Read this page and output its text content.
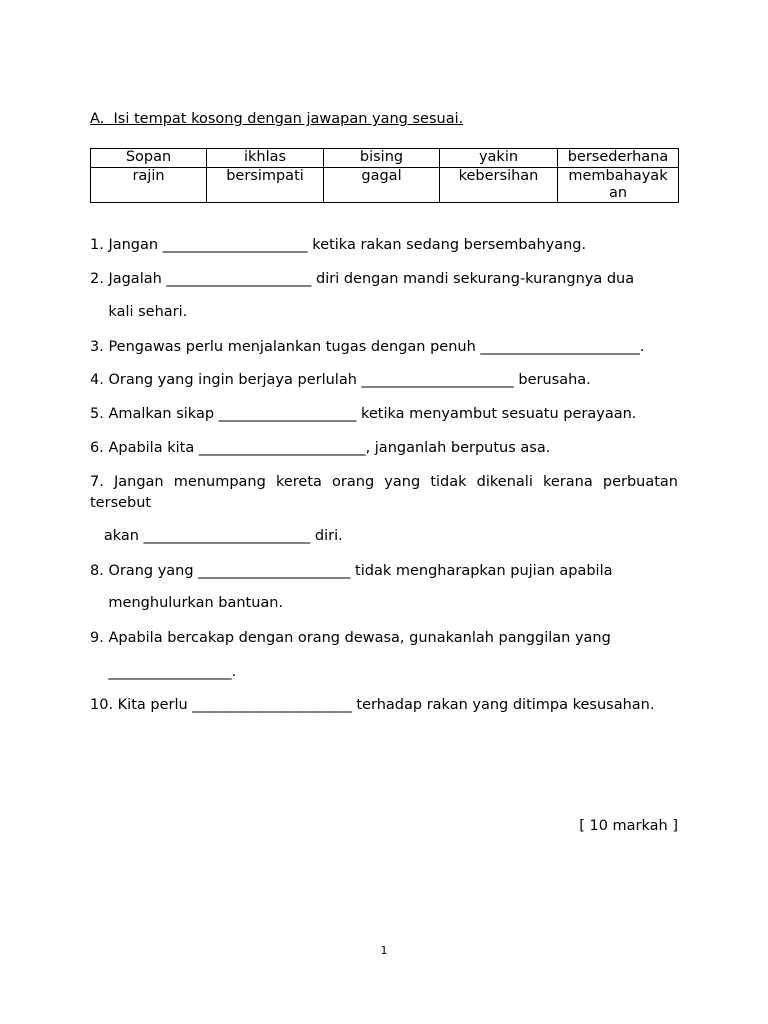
A.  Isi tempat kosong dengan jawapan yang sesuai.
Sopan	ikhlas	bising	yakin	bersederhana
rajin	bersimpati	gagal	kebersihan	membahayak an
1. Jangan ____________________ ketika rakan sedang bersembahyang.
2. Jagalah ____________________ diri dengan mandi sekurang-kurangnya dua
kali sehari.
3. Pengawas perlu menjalankan tugas dengan penuh ______________________.
4. Orang yang ingin berjaya perlulah _____________________ berusaha.
5. Amalkan sikap ___________________ ketika menyambut sesuatu perayaan.
6. Apabila kita _______________________, janganlah berputus asa.
7. Jangan menumpang kereta orang yang tidak dikenali kerana perbuatan tersebut
akan _______________________ diri.
8. Orang yang _____________________ tidak mengharapkan pujian apabila
menghulurkan bantuan.
9. Apabila bercakap dengan orang dewasa, gunakanlah panggilan yang
_________________.
10. Kita perlu ______________________ terhadap rakan yang ditimpa kesusahan.
[ 10 markah ]
1
